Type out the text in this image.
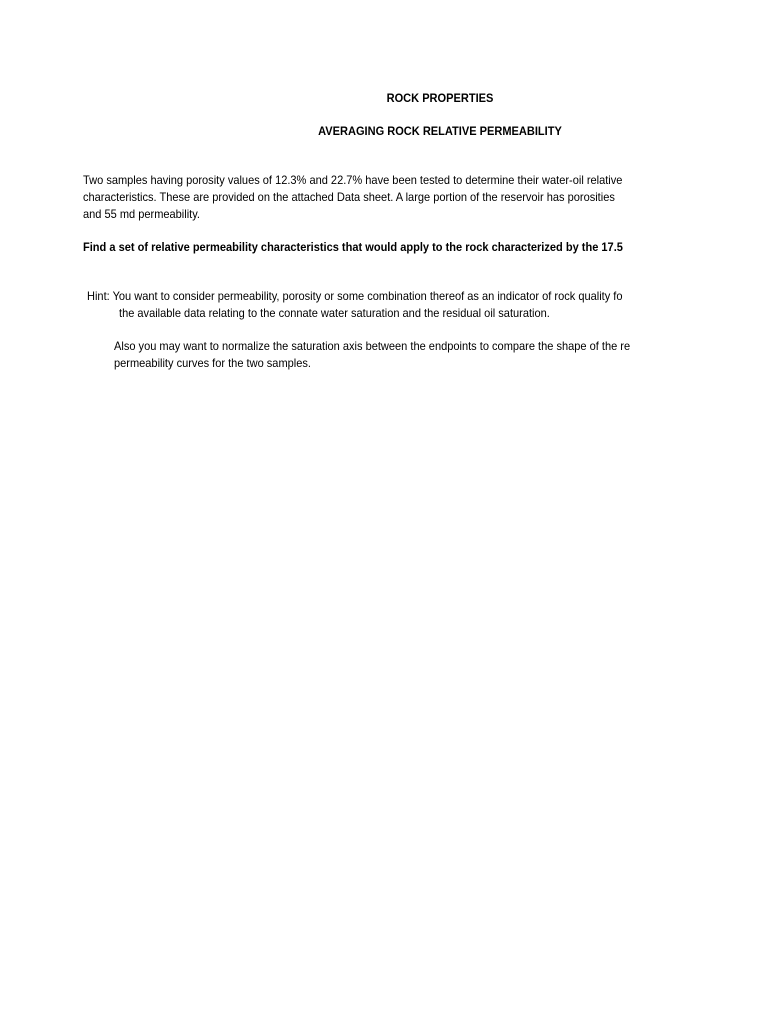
ROCK PROPERTIES
AVERAGING ROCK RELATIVE PERMEABILITY
Two samples having porosity values of 12.3% and 22.7% have been tested to determine their water-oil relative
characteristics. These are provided on the attached Data sheet. A large portion of the reservoir has porosities
and 55 md permeability.
Find a set of relative permeability characteristics that would apply to the rock characterized by the 17.5
Hint: You want to consider permeability, porosity or some combination thereof as an indicator of rock quality fo
the available data relating to the connate water saturation and the residual oil saturation.
Also you may want to normalize the saturation axis between the endpoints to compare the shape of the re
permeability curves for the two samples.
